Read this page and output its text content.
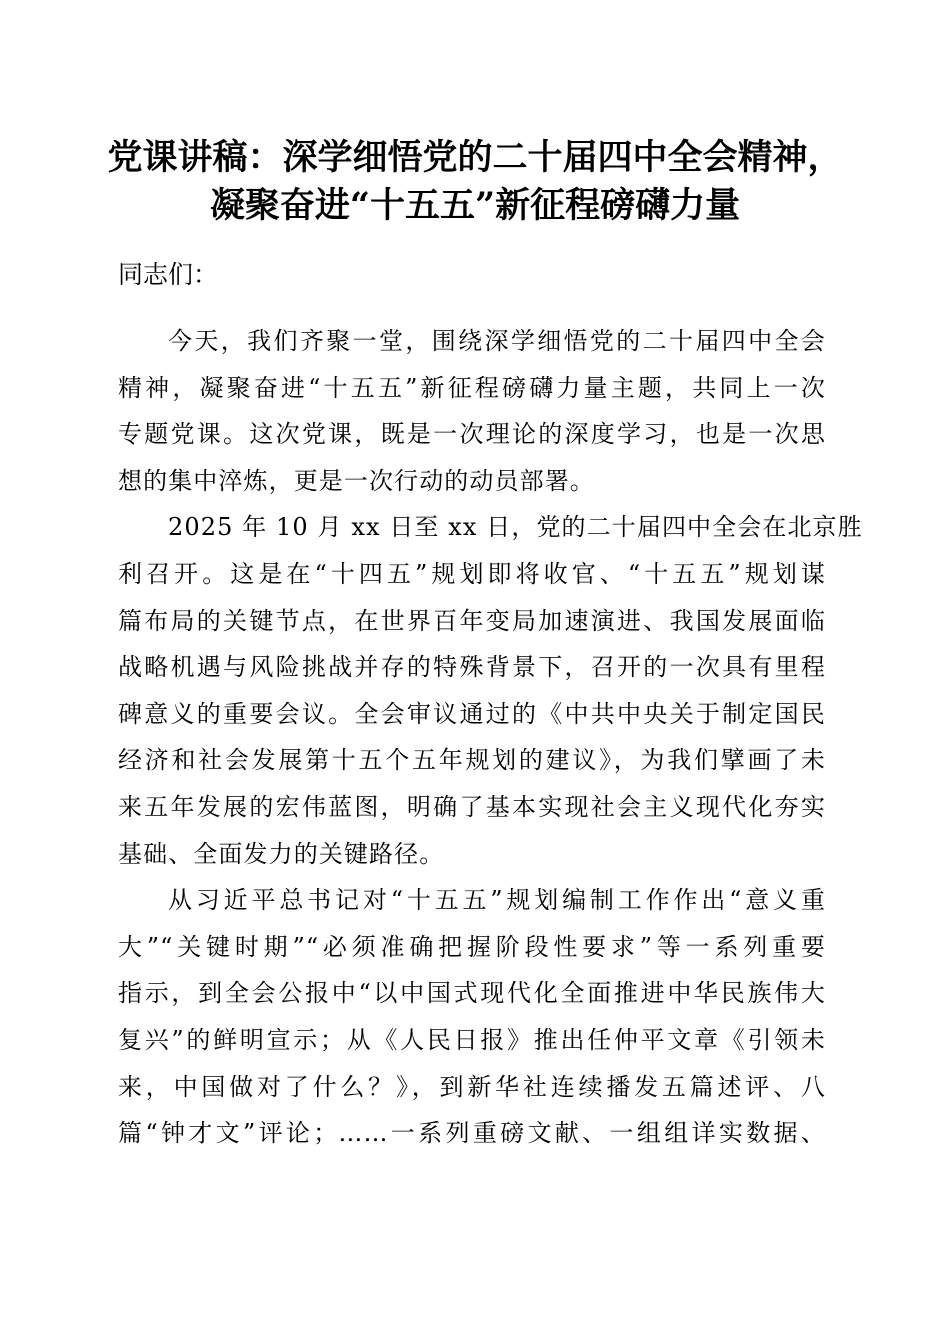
党课讲稿：深学细悟党的二十届四中全会精神，
凝聚奋进“十五五”新征程磅礴力量
同志们：

今天，我们齐聚一堂，围绕深学细悟党的二十届四中全会
精神，凝聚奋进“十五五”新征程磅礴力量主题，共同上一次
专题党课。这次党课，既是一次理论的深度学习，也是一次思
想的集中淬炼，更是一次行动的动员部署。

2025 年 10 月 xx 日至 xx 日，党的二十届四中全会在北京胜
利召开。这是在“十四五”规划即将收官、“十五五”规划谋
篇布局的关键节点，在世界百年变局加速演进、我国发展面临
战略机遇与风险挑战并存的特殊背景下，召开的一次具有里程
碑意义的重要会议。全会审议通过的《中共中央关于制定国民
经济和社会发展第十五个五年规划的建议》，为我们擘画了未
来五年发展的宏伟蓝图，明确了基本实现社会主义现代化夯实
基础、全面发力的关键路径。

从习近平总书记对“十五五”规划编制工作作出“意义重
大”“关键时期”“必须准确把握阶段性要求”等一系列重要
指示，到全会公报中“以中国式现代化全面推进中华民族伟大
复兴”的鲜明宣示；从《人民日报》推出任仲平文章《引领未
来，中国做对了什么？》，到新华社连续播发五篇述评、八
篇“钟才文”评论；……一系列重磅文献、一组组详实数据、
